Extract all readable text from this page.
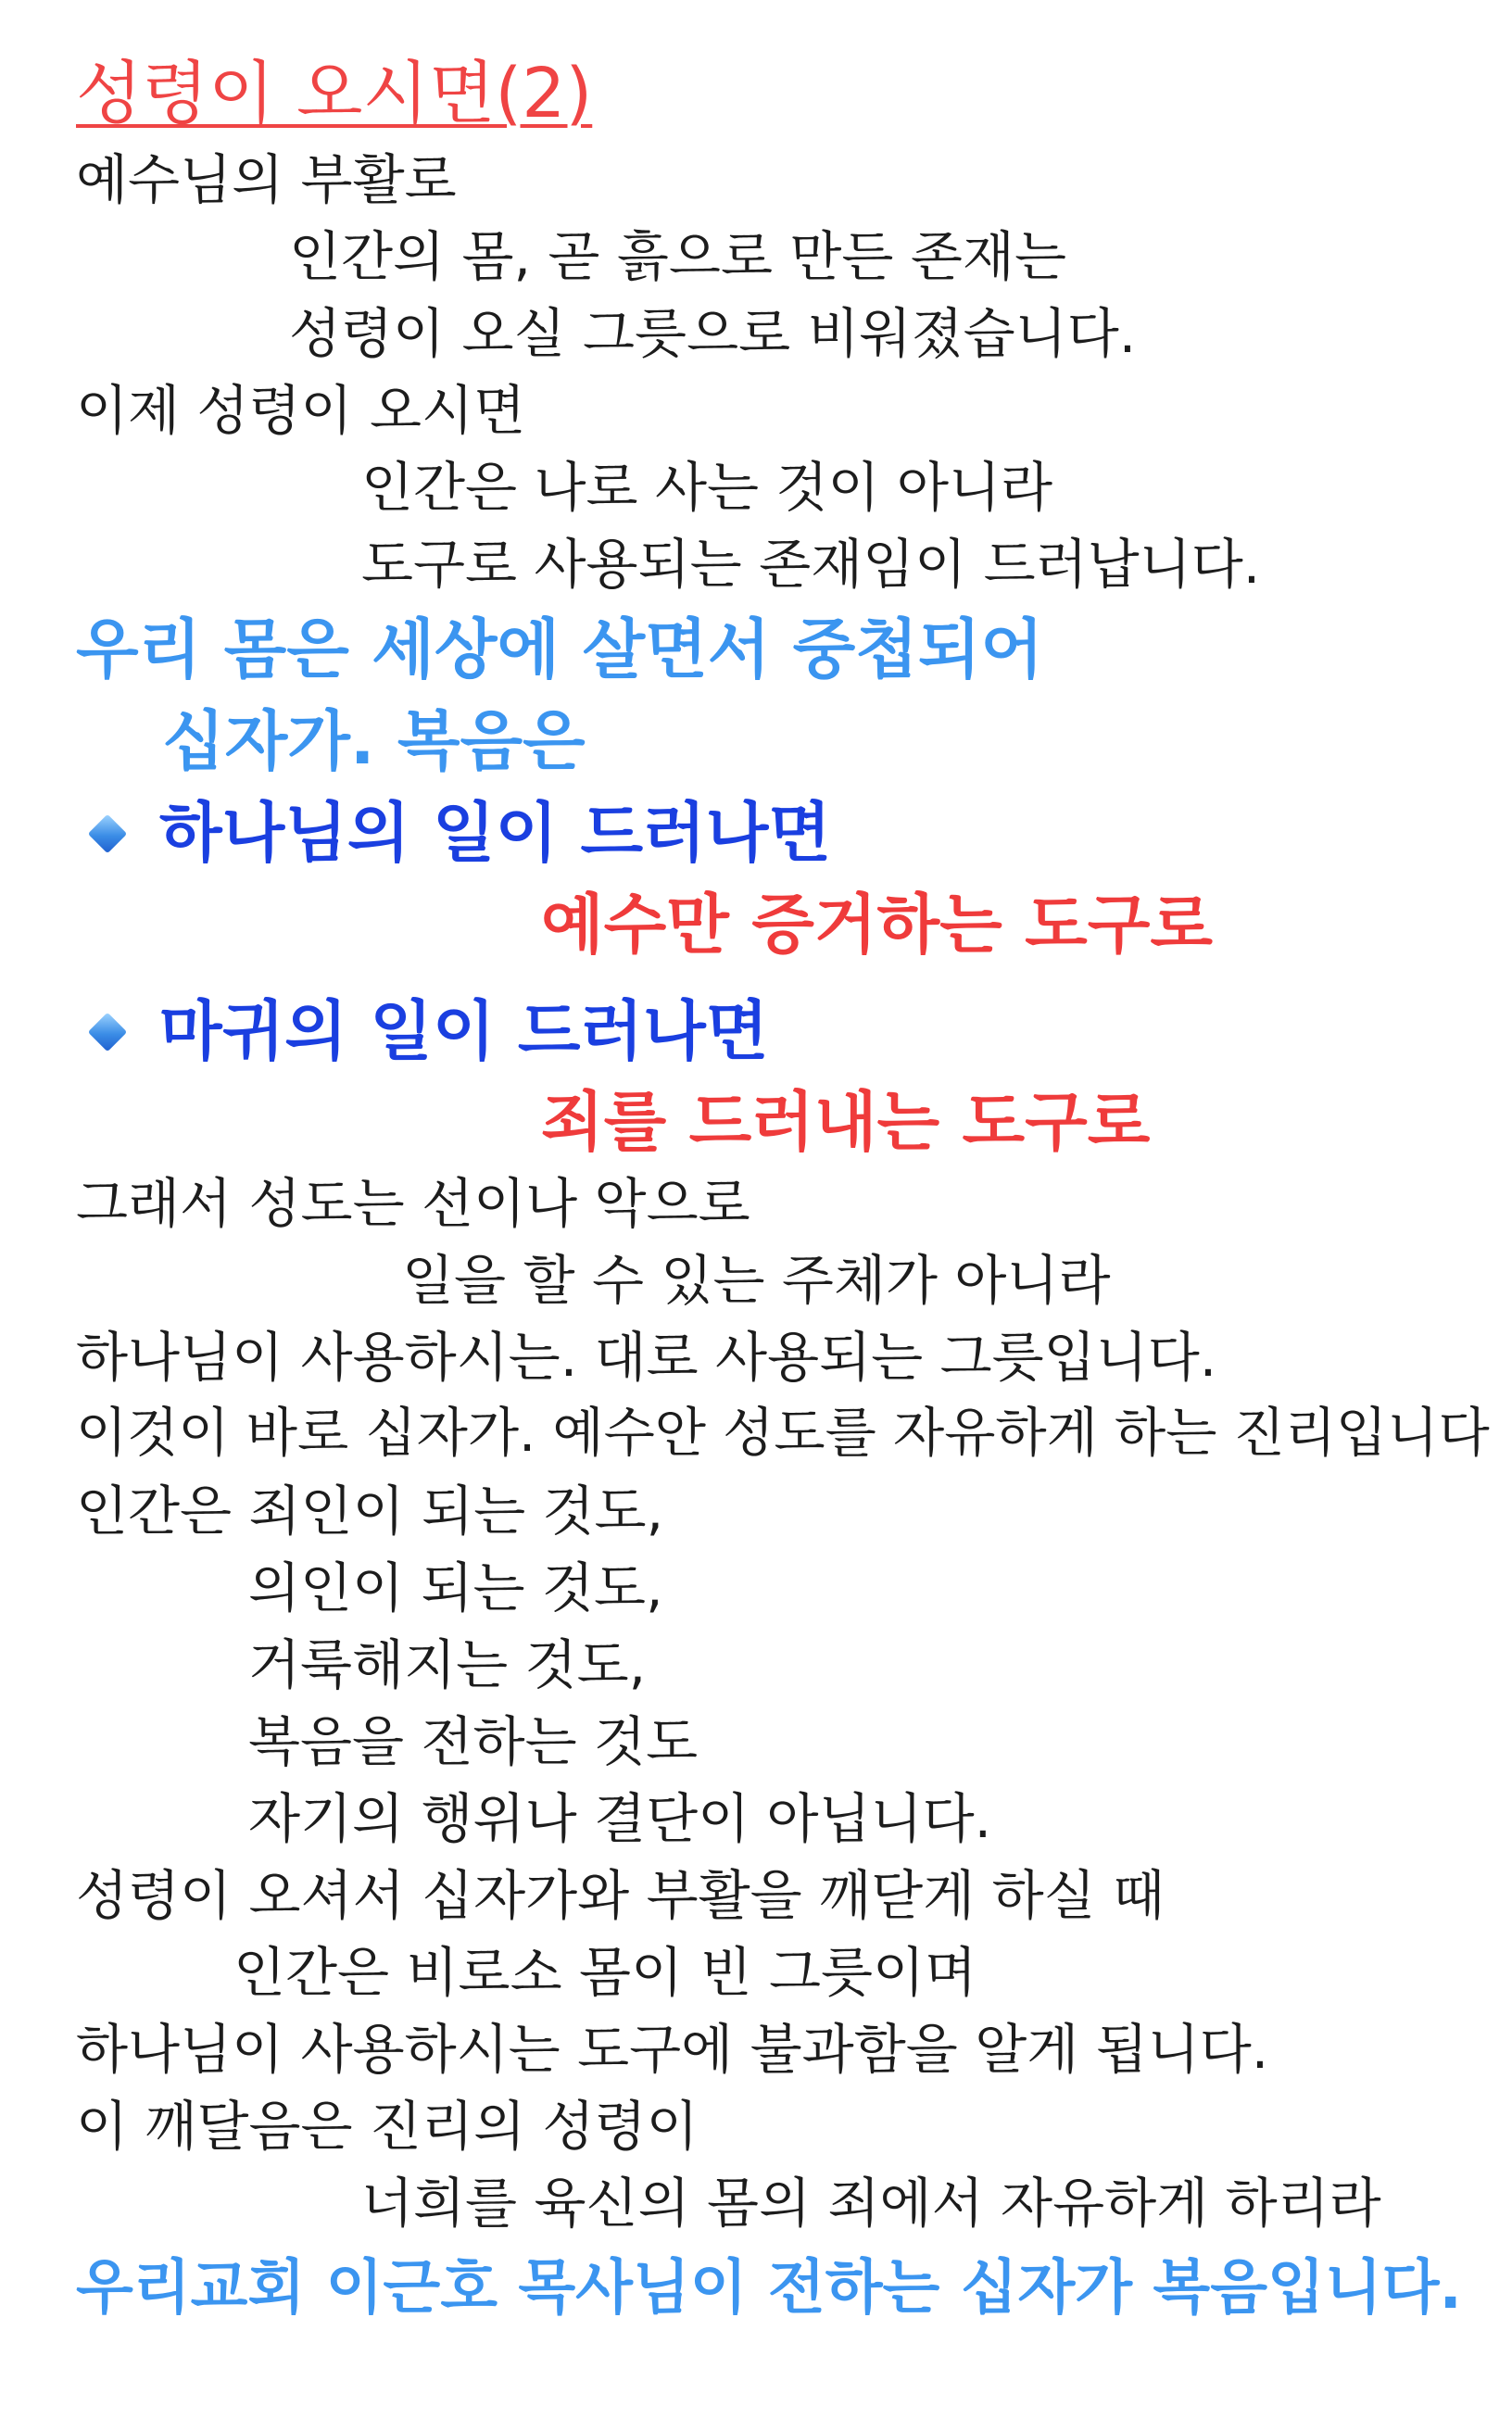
성령이 오시면(2)
예수님의 부활로
인간의 몸, 곧 흙으로 만든 존재는
성령이 오실 그릇으로 비워졌습니다.
이제 성령이 오시면
인간은 나로 사는 것이 아니라
도구로 사용되는 존재임이 드러납니다.
우리 몸은 세상에 살면서 중첩되어
십자가. 복음은
하나님의 일이 드러나면
예수만 증거하는 도구로
마귀의 일이 드러나면
죄를 드러내는 도구로
그래서 성도는 선이나 악으로
일을 할 수 있는 주체가 아니라
하나님이 사용하시는. 대로 사용되는 그릇입니다.
이것이 바로 십자가. 예수안 성도를 자유하게 하는 진리입니다
인간은 죄인이 되는 것도,
의인이 되는 것도,
거룩해지는 것도,
복음을 전하는 것도
자기의 행위나 결단이 아닙니다.
성령이 오셔서 십자가와 부활을 깨닫게 하실 때
인간은 비로소 몸이 빈 그릇이며
하나님이 사용하시는 도구에 불과함을 알게 됩니다.
이 깨달음은 진리의 성령이
너희를 육신의 몸의 죄에서 자유하게 하리라
우리교회 이근호 목사님이 전하는 십자가 복음입니다.
